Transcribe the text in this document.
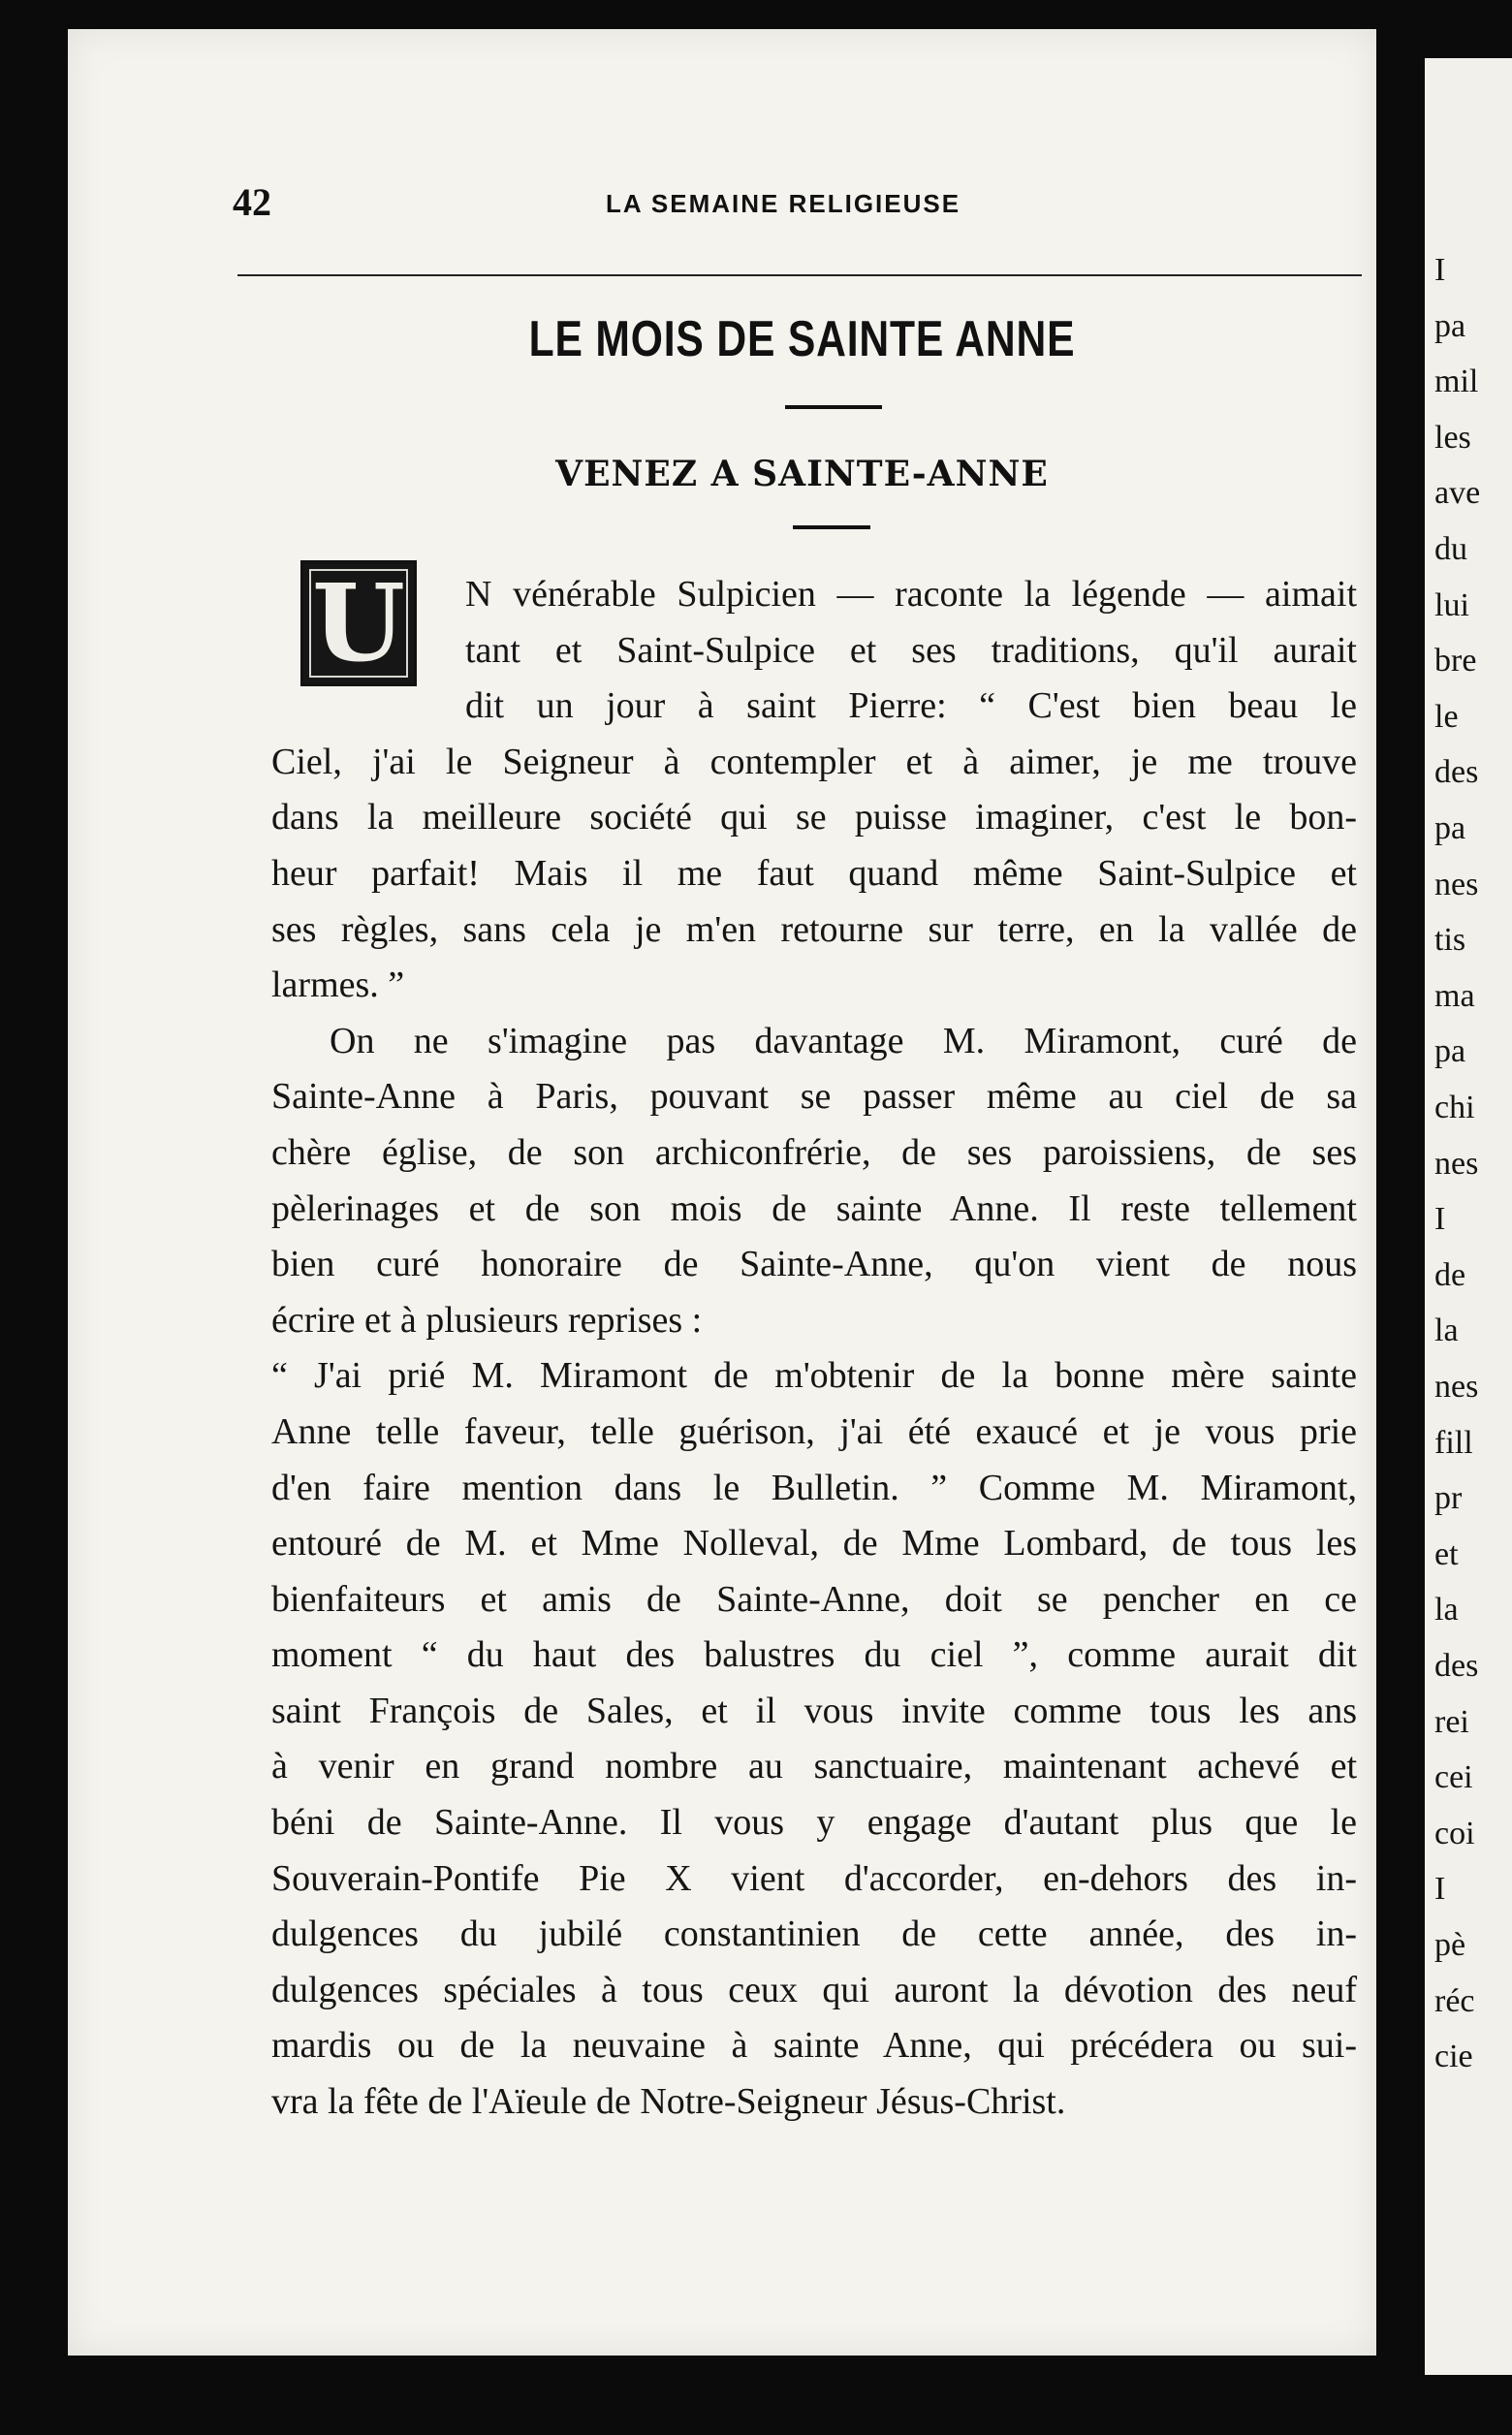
I
pa
mil
les
ave
du
lui
bre
le
des
pa
nes
tis
ma
pa
chi
nes
I
de
la
nes
fill
pr
et
la
des
rei
cei
coi
I
pè
réc
cie
42	LA SEMAINE RELIGIEUSE
LE MOIS DE SAINTE ANNE
VENEZ A SAINTE-ANNE
U	N vénérable Sulpicien — raconte la légende — aimait
tant et Saint-Sulpice et ses traditions, qu'il aurait
dit un jour à saint Pierre: “ C'est bien beau le
Ciel, j'ai le Seigneur à contempler et à aimer, je me trouve
dans la meilleure société qui se puisse imaginer, c'est le bon-
heur parfait! Mais il me faut quand même Saint-Sulpice et
ses règles, sans cela je m'en retourne sur terre, en la vallée de
larmes. ”
On ne s'imagine pas davantage M. Miramont, curé de
Sainte-Anne à Paris, pouvant se passer même au ciel de sa
chère église, de son archiconfrérie, de ses paroissiens, de ses
pèlerinages et de son mois de sainte Anne. Il reste tellement
bien curé honoraire de Sainte-Anne, qu'on vient de nous
écrire et à plusieurs reprises :
“ J'ai prié M. Miramont de m'obtenir de la bonne mère sainte
Anne telle faveur, telle guérison, j'ai été exaucé et je vous prie
d'en faire mention dans le Bulletin. ” Comme M. Miramont,
entouré de M. et Mme Nolleval, de Mme Lombard, de tous les
bienfaiteurs et amis de Sainte-Anne, doit se pencher en ce
moment “ du haut des balustres du ciel ”, comme aurait dit
saint François de Sales, et il vous invite comme tous les ans
à venir en grand nombre au sanctuaire, maintenant achevé et
béni de Sainte-Anne. Il vous y engage d'autant plus que le
Souverain-Pontife Pie X vient d'accorder, en-dehors des in-
dulgences du jubilé constantinien de cette année, des in-
dulgences spéciales à tous ceux qui auront la dévotion des neuf
mardis ou de la neuvaine à sainte Anne, qui précédera ou sui-
vra la fête de l'Aïeule de Notre-Seigneur Jésus-Christ.
